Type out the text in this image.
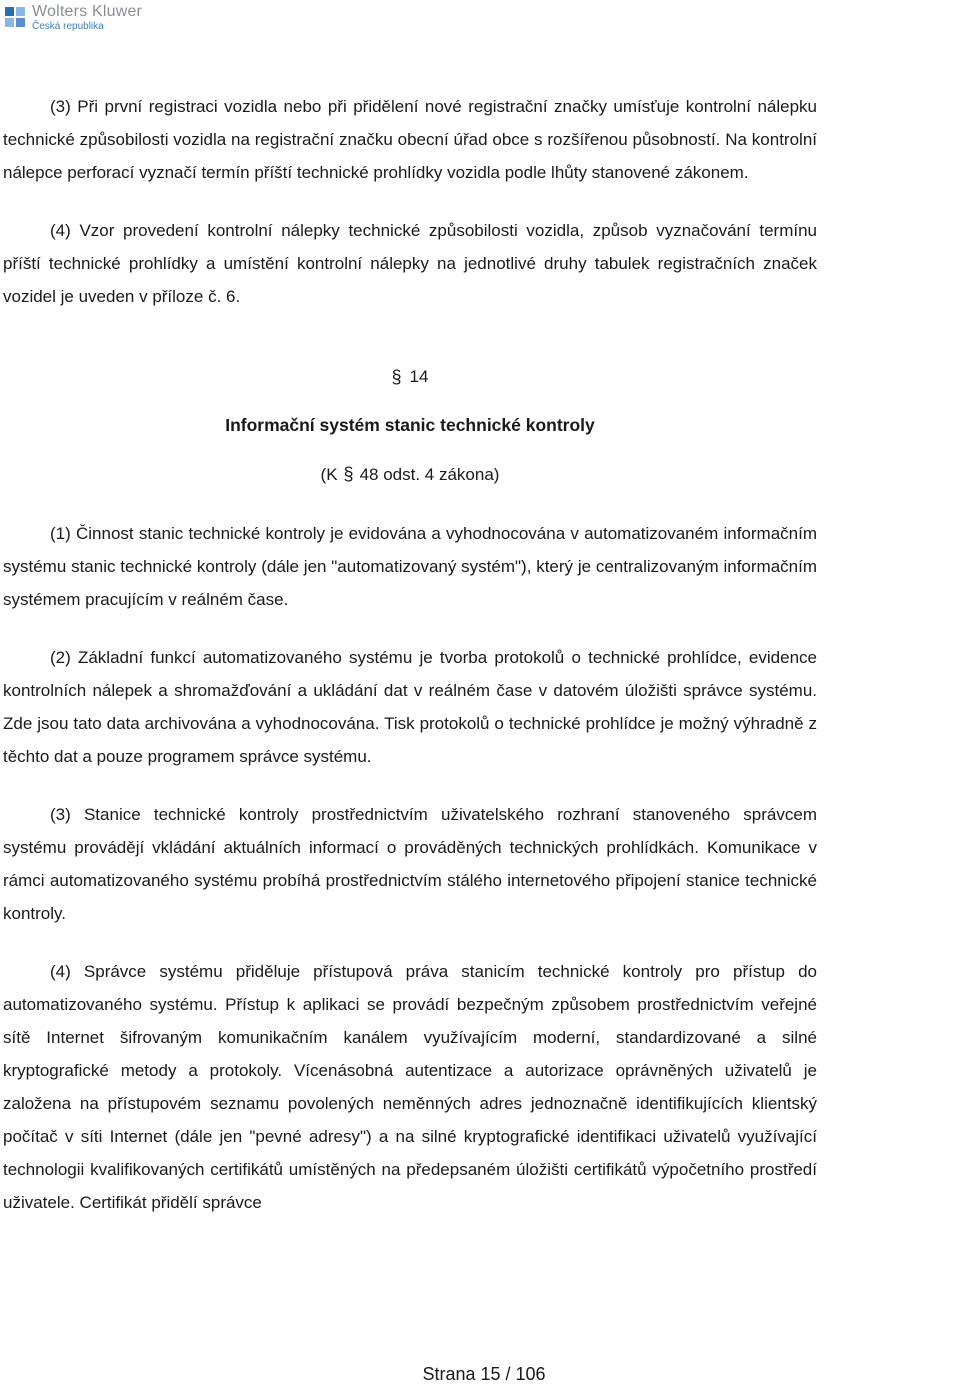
Wolters Kluwer
Česká republika

(3) Při první registraci vozidla nebo při přidělení nové registrační značky umísťuje kontrolní nálepku technické způsobilosti vozidla na registrační značku obecní úřad obce s rozšířenou působností. Na kontrolní nálepce perforací vyznačí termín příští technické prohlídky vozidla podle lhůty stanovené zákonem.

(4) Vzor provedení kontrolní nálepky technické způsobilosti vozidla, způsob vyznačování termínu příští technické prohlídky a umístění kontrolní nálepky na jednotlivé druhy tabulek registračních značek vozidel je uveden v příloze č. 6.

§ 14
Informační systém stanic technické kontroly
(K § 48 odst. 4 zákona)

(1) Činnost stanic technické kontroly je evidována a vyhodnocována v automatizovaném informačním systému stanic technické kontroly (dále jen "automatizovaný systém"), který je centralizovaným informačním systémem pracujícím v reálném čase.

(2) Základní funkcí automatizovaného systému je tvorba protokolů o technické prohlídce, evidence kontrolních nálepek a shromažďování a ukládání dat v reálném čase v datovém úložišti správce systému. Zde jsou tato data archivována a vyhodnocována. Tisk protokolů o technické prohlídce je možný výhradně z těchto dat a pouze programem správce systému.

(3) Stanice technické kontroly prostřednictvím uživatelského rozhraní stanoveného správcem systému provádějí vkládání aktuálních informací o prováděných technických prohlídkách. Komunikace v rámci automatizovaného systému probíhá prostřednictvím stálého internetového připojení stanice technické kontroly.

(4) Správce systému přiděluje přístupová práva stanicím technické kontroly pro přístup do automatizovaného systému. Přístup k aplikaci se provádí bezpečným způsobem prostřednictvím veřejné sítě Internet šifrovaným komunikačním kanálem využívajícím moderní, standardizované a silné kryptografické metody a protokoly. Vícenásobná autentizace a autorizace oprávněných uživatelů je založena na přístupovém seznamu povolených neměnných adres jednoznačně identifikujících klientský počítač v síti Internet (dále jen "pevné adresy") a na silné kryptografické identifikaci uživatelů využívající technologii kvalifikovaných certifikátů umístěných na předepsaném úložišti certifikátů výpočetního prostředí uživatele. Certifikát přidělí správce

Strana 15 / 106
